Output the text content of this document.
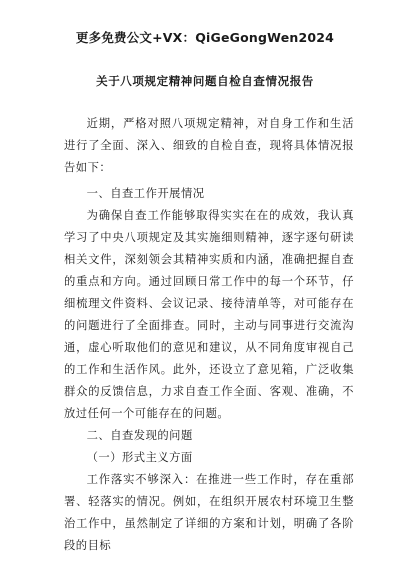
更多免费公文+VX：QiGeGongWen2024
关于八项规定精神问题自检自查情况报告

近期，严格对照八项规定精神，对自身工作和生活进行了全面、深入、细致的自检自查，现将具体情况报告如下：

一、自查工作开展情况

为确保自查工作能够取得实实在在的成效，我认真学习了中央八项规定及其实施细则精神，逐字逐句研读相关文件，深刻领会其精神实质和内涵，准确把握自查的重点和方向。通过回顾日常工作中的每一个环节，仔细梳理文件资料、会议记录、接待清单等，对可能存在的问题进行了全面排查。同时，主动与同事进行交流沟通，虚心听取他们的意见和建议，从不同角度审视自己的工作和生活作风。此外，还设立了意见箱，广泛收集群众的反馈信息，力求自查工作全面、客观、准确，不放过任何一个可能存在的问题。

二、自查发现的问题

（一）形式主义方面

工作落实不够深入：在推进一些工作时，存在重部署、轻落实的情况。例如，在组织开展农村环境卫生整治工作中，虽然制定了详细的方案和计划，明确了各阶段的目标
